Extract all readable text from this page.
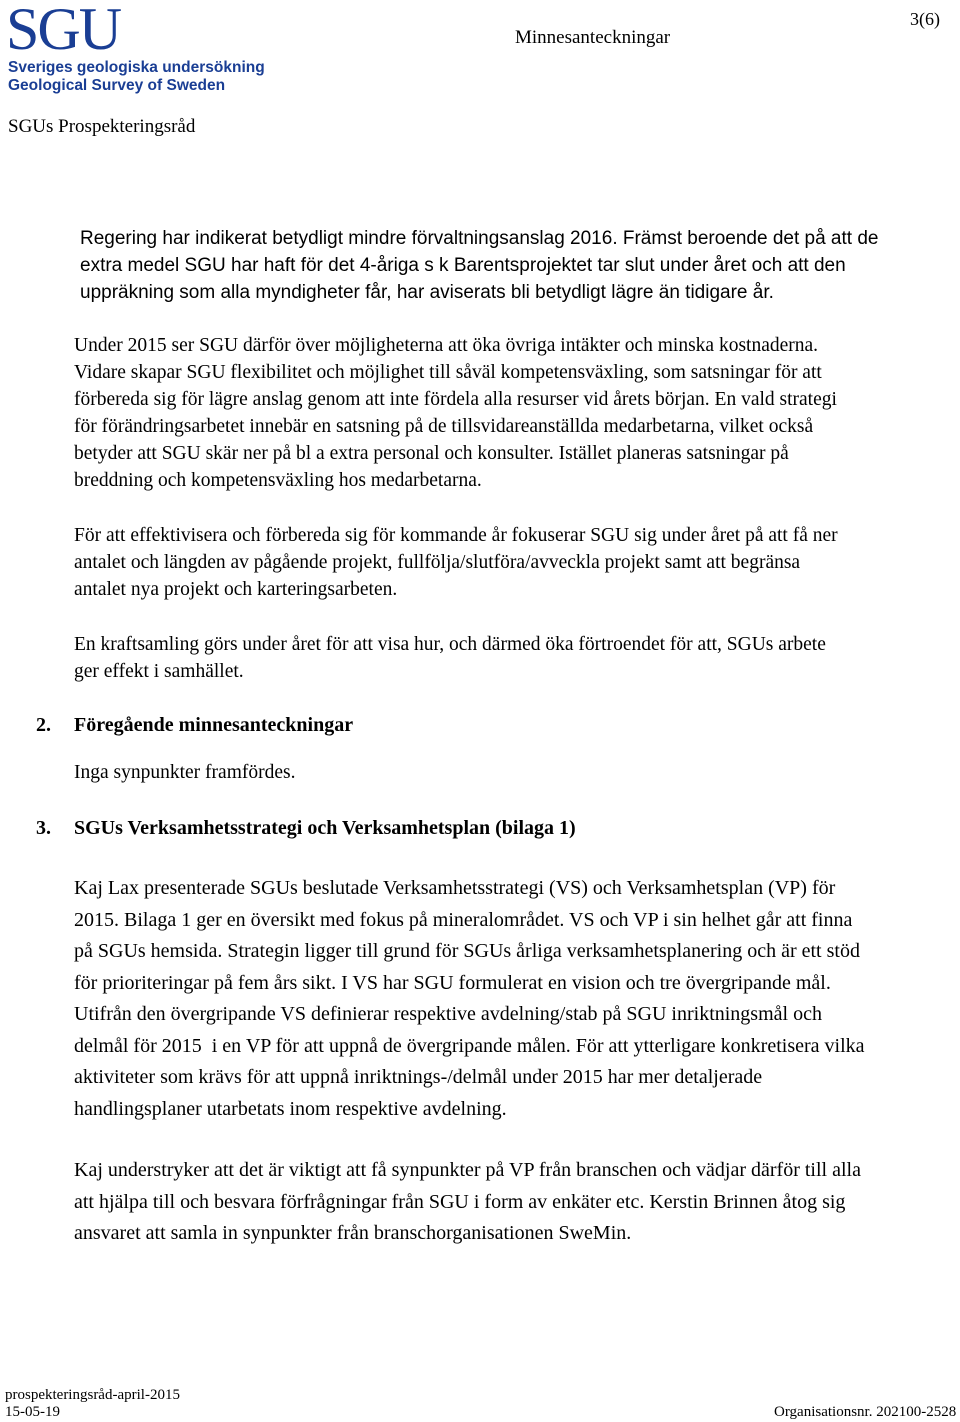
SGU
Sveriges geologiska undersökning
Geological Survey of Sweden
Minnesanteckningar
3(6)
SGUs Prospekteringsråd

Regering har indikerat betydligt mindre förvaltningsanslag 2016. Främst beroende det på att de

extra medel SGU har haft för det 4-åriga s k Barentsprojektet tar slut under året och att den

uppräkning som alla myndigheter får, har aviserats bli betydligt lägre än tidigare år.

Under 2015 ser SGU därför över möjligheterna att öka övriga intäkter och minska kostnaderna.

Vidare skapar SGU flexibilitet och möjlighet till såväl kompetensväxling, som satsningar för att

förbereda sig för lägre anslag genom att inte fördela alla resurser vid årets början. En vald strategi

för förändringsarbetet innebär en satsning på de tillsvidareanställda medarbetarna, vilket också

betyder att SGU skär ner på bl a extra personal och konsulter. Istället planeras satsningar på

breddning och kompetensväxling hos medarbetarna.

För att effektivisera och förbereda sig för kommande år fokuserar SGU sig under året på att få ner

antalet och längden av pågående projekt, fullfölja/slutföra/avveckla projekt samt att begränsa

antalet nya projekt och karteringsarbeten.

En kraftsamling görs under året för att visa hur, och därmed öka förtroendet för att, SGUs arbete

ger effekt i samhället.

2. Föregående minnesanteckningar
Inga synpunkter framfördes.
3. SGUs Verksamhetsstrategi och Verksamhetsplan (bilaga 1)

Kaj Lax presenterade SGUs beslutade Verksamhetsstrategi (VS) och Verksamhetsplan (VP) för

2015. Bilaga 1 ger en översikt med fokus på mineralområdet. VS och VP i sin helhet går att finna

på SGUs hemsida. Strategin ligger till grund för SGUs årliga verksamhetsplanering och är ett stöd

för prioriteringar på fem års sikt. I VS har SGU formulerat en vision och tre övergripande mål.

Utifrån den övergripande VS definierar respektive avdelning/stab på SGU inriktningsmål och

delmål för 2015  i en VP för att uppnå de övergripande målen. För att ytterligare konkretisera vilka

aktiviteter som krävs för att uppnå inriktnings-/delmål under 2015 har mer detaljerade

handlingsplaner utarbetats inom respektive avdelning.

Kaj understryker att det är viktigt att få synpunkter på VP från branschen och vädjar därför till alla

att hjälpa till och besvara förfrågningar från SGU i form av enkäter etc. Kerstin Brinnen åtog sig

ansvaret att samla in synpunkter från branschorganisationen SweMin.

prospekteringsråd-april-2015
15-05-19	Organisationsnr. 202100-2528
